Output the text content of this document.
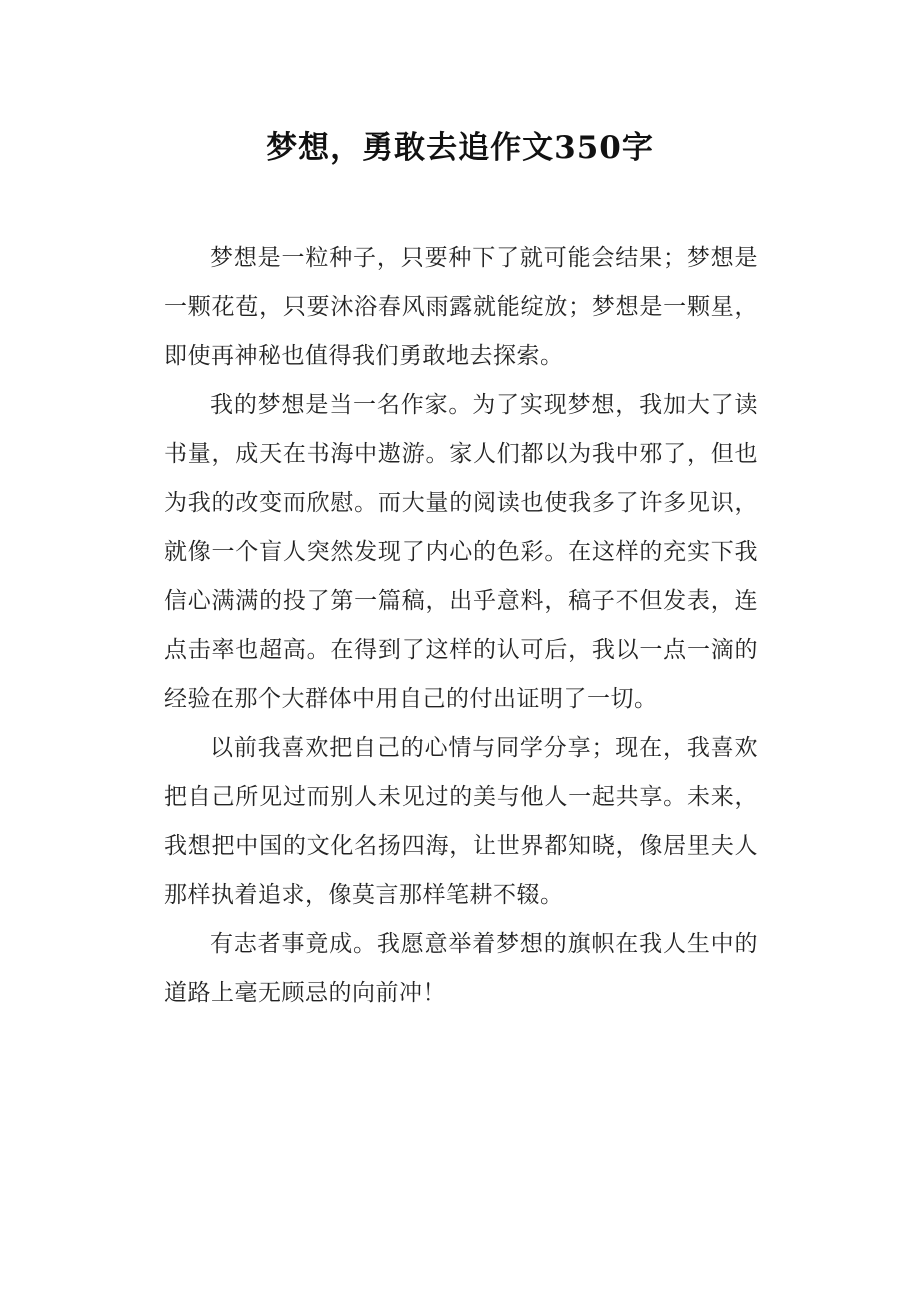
梦想，勇敢去追作文350字

梦想是一粒种子，只要种下了就可能会结果；梦想是一颗花苞，只要沐浴春风雨露就能绽放；梦想是一颗星，即使再神秘也值得我们勇敢地去探索。

我的梦想是当一名作家。为了实现梦想，我加大了读书量，成天在书海中遨游。家人们都以为我中邪了，但也为我的改变而欣慰。而大量的阅读也使我多了许多见识，就像一个盲人突然发现了内心的色彩。在这样的充实下我信心满满的投了第一篇稿，出乎意料，稿子不但发表，连点击率也超高。在得到了这样的认可后，我以一点一滴的经验在那个大群体中用自己的付出证明了一切。

以前我喜欢把自己的心情与同学分享；现在，我喜欢把自己所见过而别人未见过的美与他人一起共享。未来，我想把中国的文化名扬四海，让世界都知晓，像居里夫人那样执着追求，像莫言那样笔耕不辍。

有志者事竟成。我愿意举着梦想的旗帜在我人生中的道路上毫无顾忌的向前冲！
